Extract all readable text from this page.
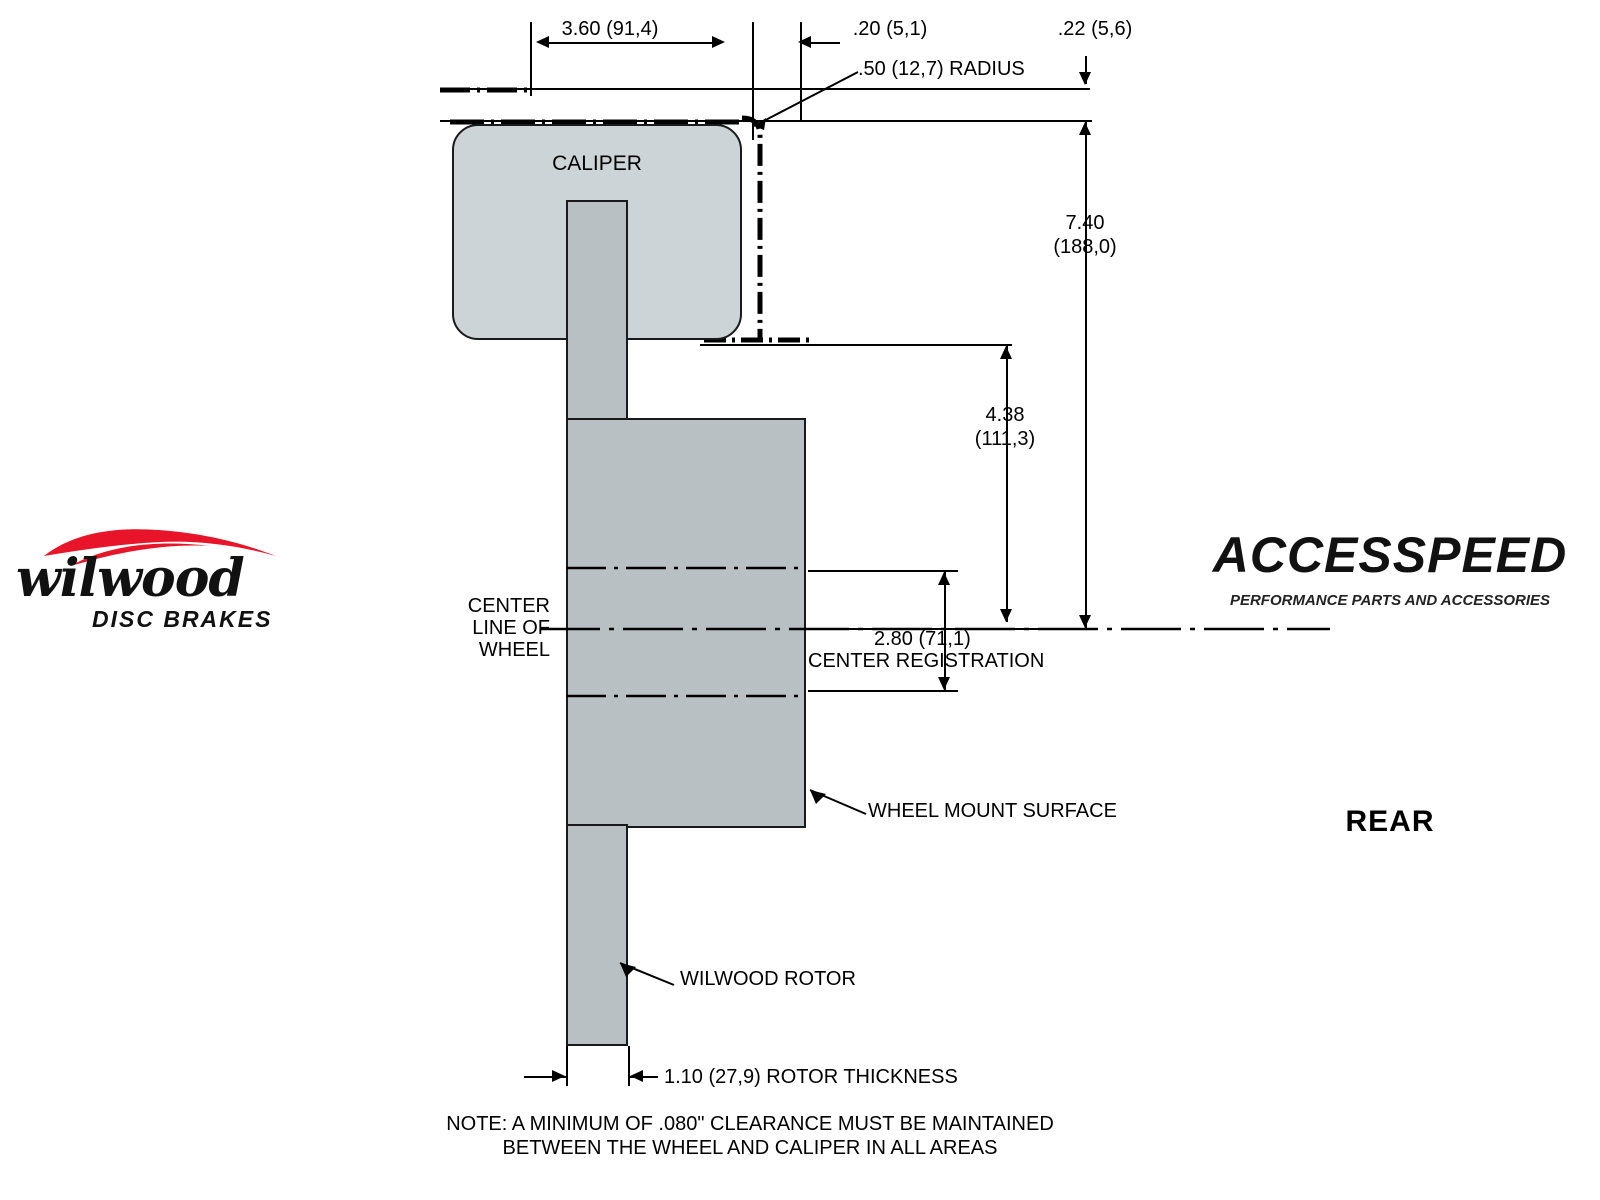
3.60 (91,4)	.20 (5,1)	.22 (5,6)
.50 (12,7) RADIUS
CALIPER
CENTER
LINE OF
WHEEL
7.40
(188,0)
4.38
(111,3)
2.80 (71,1)
CENTER REGISTRATION
WHEEL MOUNT SURFACE
WILWOOD ROTOR
1.10 (27,9) ROTOR THICKNESS
NOTE: A MINIMUM OF .080" CLEARANCE MUST BE MAINTAINED
BETWEEN THE WHEEL AND CALIPER IN ALL AREAS
wilwood
DISC BRAKES
ACCESSPEED
PERFORMANCE PARTS AND ACCESSORIES
REAR
